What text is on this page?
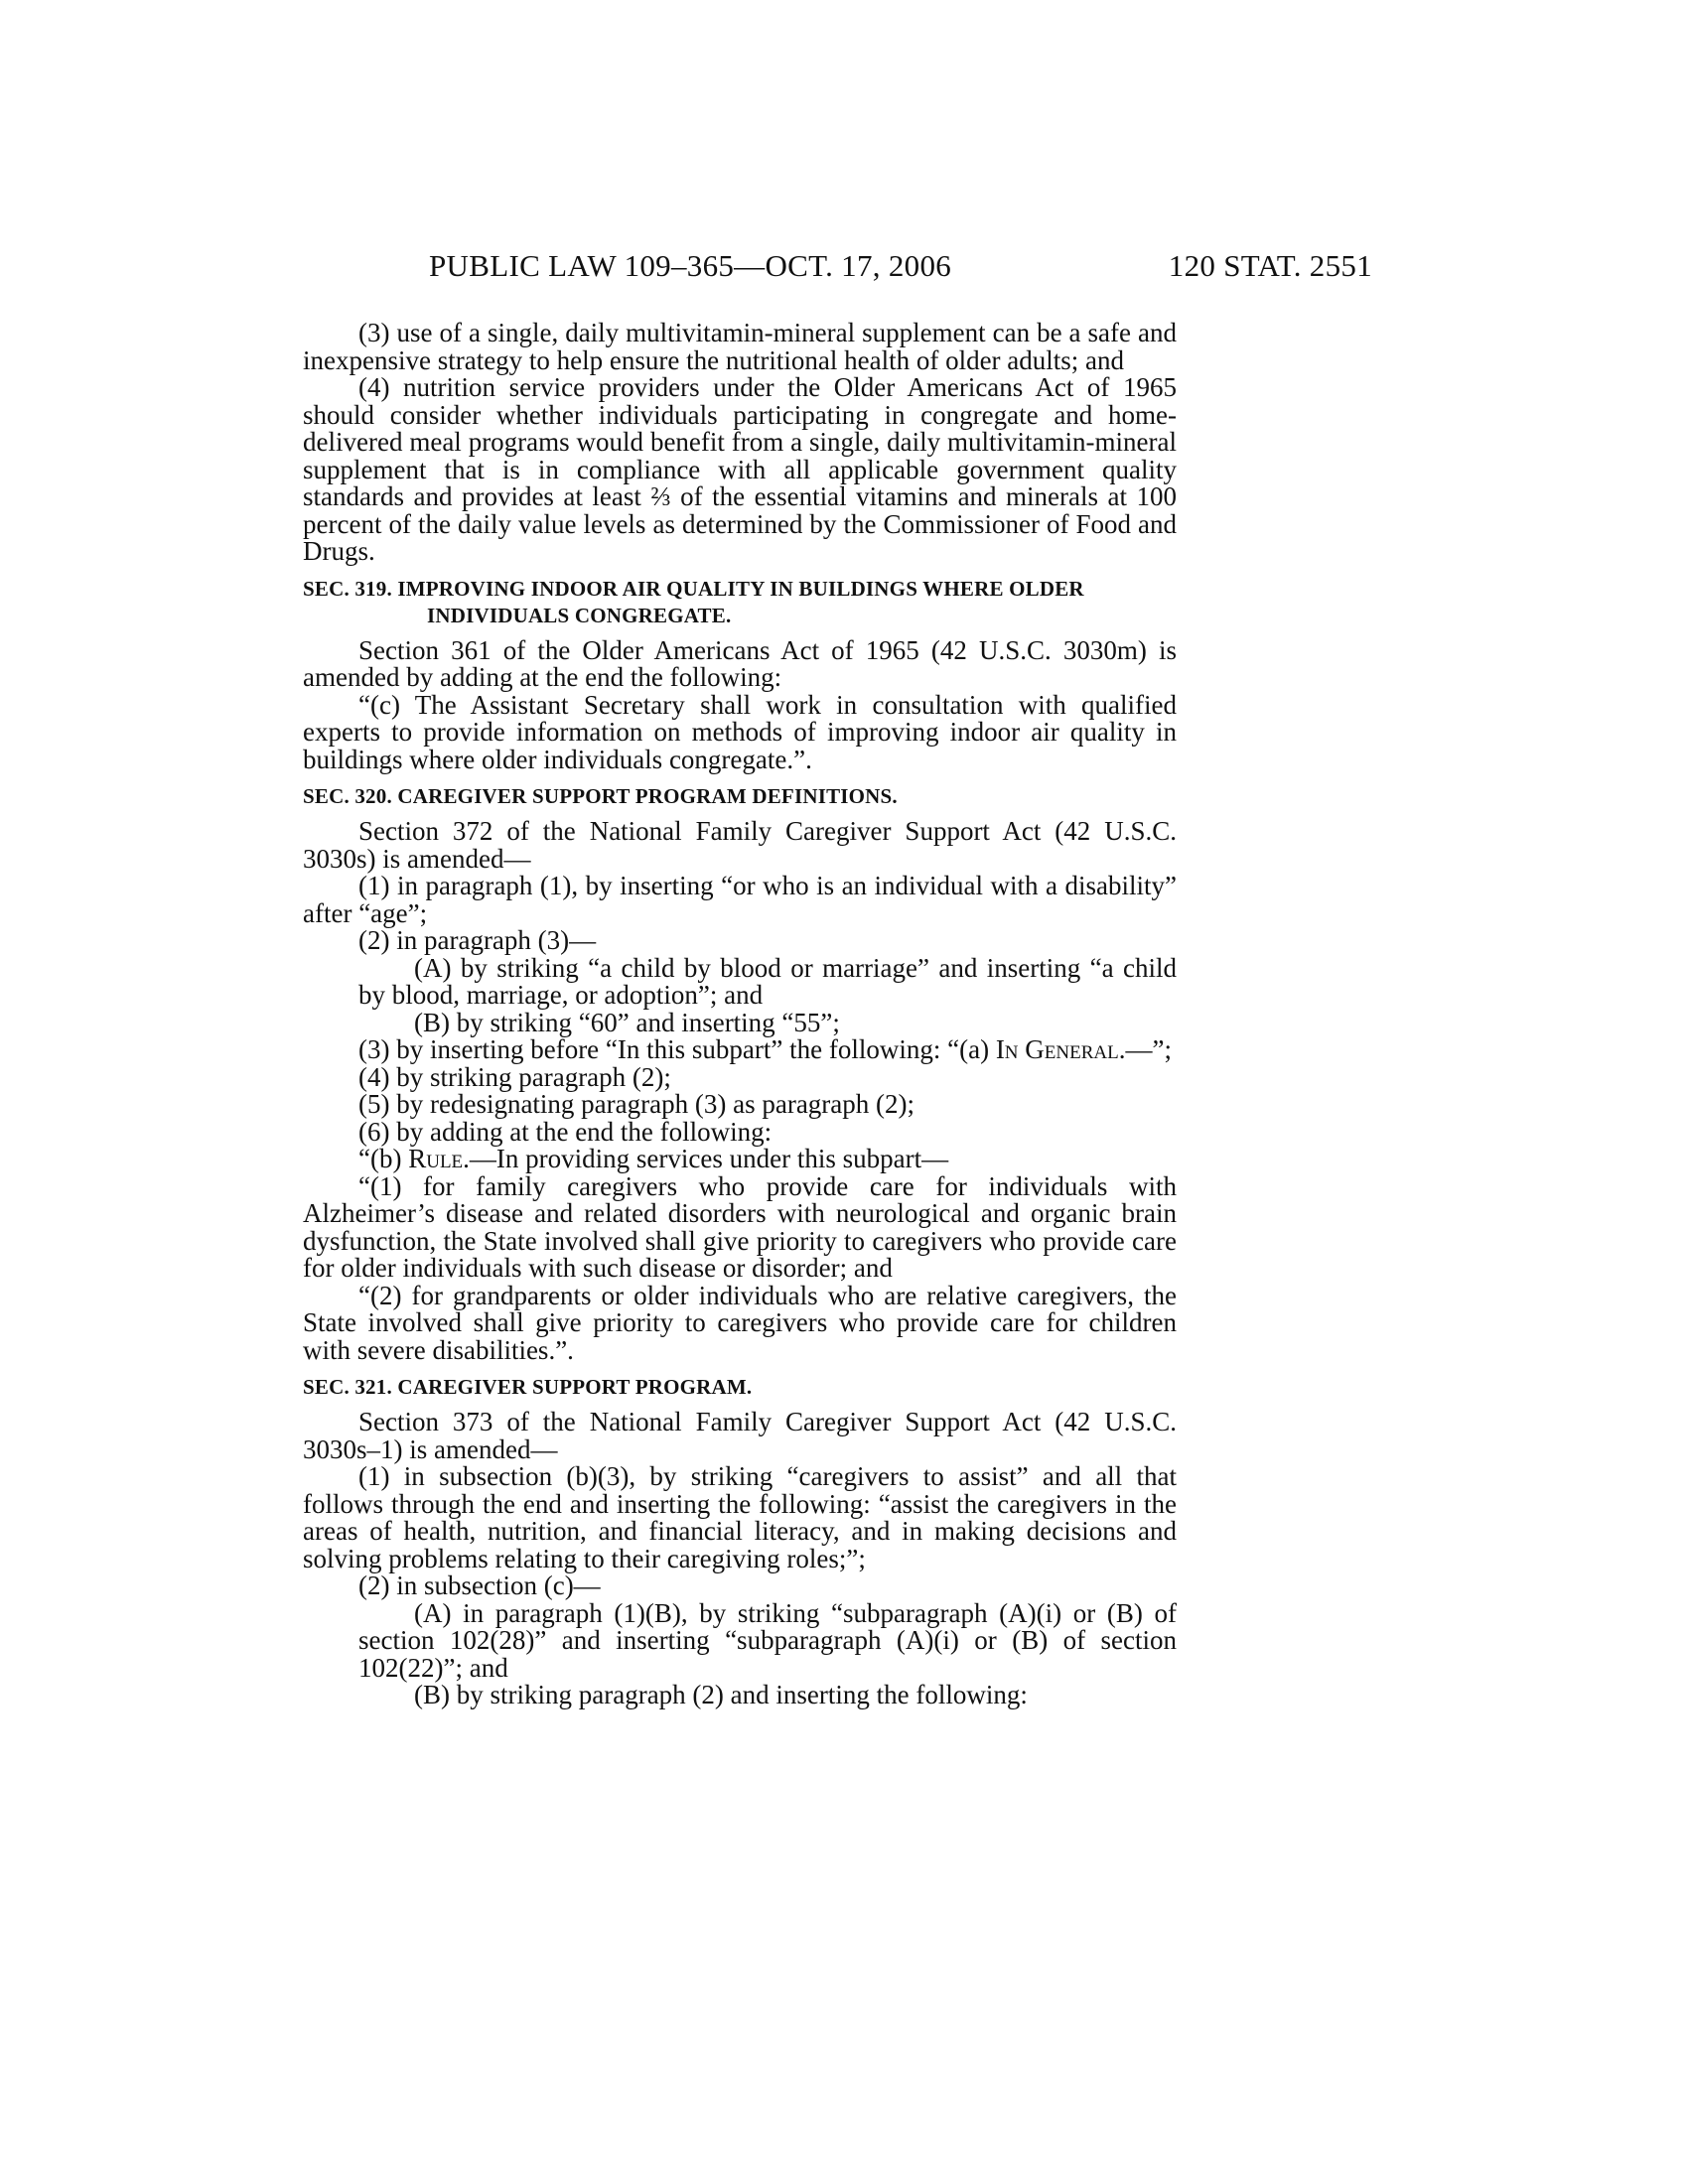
PUBLIC LAW 109–365—OCT. 17, 2006	120 STAT. 2551

(3) use of a single, daily multivitamin-mineral supplement can be a safe and inexpensive strategy to help ensure the nutritional health of older adults; and

(4) nutrition service providers under the Older Americans Act of 1965 should consider whether individuals participating in congregate and home-delivered meal programs would benefit from a single, daily multivitamin-mineral supplement that is in compliance with all applicable government quality standards and provides at least ⅔ of the essential vitamins and minerals at 100 percent of the daily value levels as determined by the Commissioner of Food and Drugs.

SEC. 319. IMPROVING INDOOR AIR QUALITY IN BUILDINGS WHERE OLDER INDIVIDUALS CONGREGATE.

Section 361 of the Older Americans Act of 1965 (42 U.S.C. 3030m) is amended by adding at the end the following:

“(c) The Assistant Secretary shall work in consultation with qualified experts to provide information on methods of improving indoor air quality in buildings where older individuals congregate.”.

SEC. 320. CAREGIVER SUPPORT PROGRAM DEFINITIONS.

Section 372 of the National Family Caregiver Support Act (42 U.S.C. 3030s) is amended—

(1) in paragraph (1), by inserting “or who is an individual with a disability” after “age”;

(2) in paragraph (3)—

(A) by striking “a child by blood or marriage” and inserting “a child by blood, marriage, or adoption”; and

(B) by striking “60” and inserting “55”;

(3) by inserting before “In this subpart” the following: “(a) In General.—”;

(4) by striking paragraph (2);

(5) by redesignating paragraph (3) as paragraph (2);

(6) by adding at the end the following:

“(b) Rule.—In providing services under this subpart—

“(1) for family caregivers who provide care for individuals with Alzheimer’s disease and related disorders with neurological and organic brain dysfunction, the State involved shall give priority to caregivers who provide care for older individuals with such disease or disorder; and

“(2) for grandparents or older individuals who are relative caregivers, the State involved shall give priority to caregivers who provide care for children with severe disabilities.”.

SEC. 321. CAREGIVER SUPPORT PROGRAM.

Section 373 of the National Family Caregiver Support Act (42 U.S.C. 3030s–1) is amended—

(1) in subsection (b)(3), by striking “caregivers to assist” and all that follows through the end and inserting the following: “assist the caregivers in the areas of health, nutrition, and financial literacy, and in making decisions and solving problems relating to their caregiving roles;”;

(2) in subsection (c)—

(A) in paragraph (1)(B), by striking “subparagraph (A)(i) or (B) of section 102(28)” and inserting “subparagraph (A)(i) or (B) of section 102(22)”; and

(B) by striking paragraph (2) and inserting the following:
